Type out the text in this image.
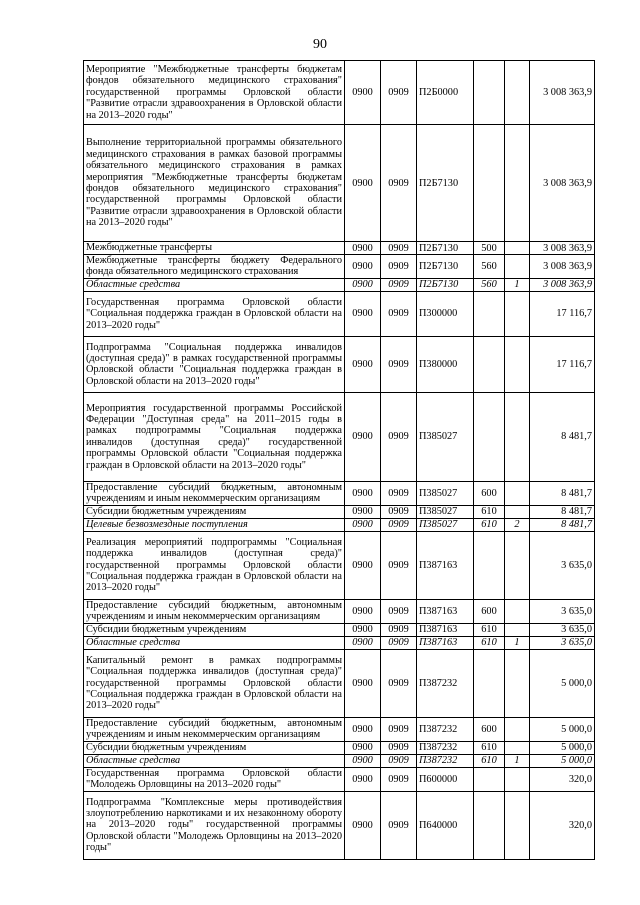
90
Мероприятие "Межбюджетные трансферты бюджетам фондов обязательного медицинского страхования" государственной программы Орловской области "Развитие отрасли здравоохранения в Орловской области на 2013–2020 годы"	0900	0909	П2Б0000			3 008 363,9
Выполнение территориальной программы обязательного медицинского страхования в рамках базовой программы обязательного медицинского страхования в рамках мероприятия "Межбюджетные трансферты бюджетам фондов обязательного медицинского страхования" государственной программы Орловской области "Развитие отрасли здравоохранения в Орловской области на 2013–2020 годы"	0900	0909	П2Б7130			3 008 363,9
Межбюджетные трансферты	0900	0909	П2Б7130	500		3 008 363,9
Межбюджетные трансферты бюджету Федерального фонда обязательного медицинского страхования	0900	0909	П2Б7130	560		3 008 363,9
Областные средства	0900	0909	П2Б7130	560	1	3 008 363,9
Государственная программа Орловской области "Социальная поддержка граждан в Орловской области на 2013–2020 годы"	0900	0909	П300000			17 116,7
Подпрограмма "Социальная поддержка инвалидов (доступная среда)" в рамках государственной программы Орловской области "Социальная поддержка граждан в Орловской области на 2013–2020 годы"	0900	0909	П380000			17 116,7
Мероприятия государственной программы Российской Федерации "Доступная среда" на 2011–2015 годы в рамках подпрограммы "Социальная поддержка инвалидов (доступная среда)" государственной программы Орловской области "Социальная поддержка граждан в Орловской области на 2013–2020 годы"	0900	0909	П385027			8 481,7
Предоставление субсидий бюджетным, автономным учреждениям и иным некоммерческим организациям	0900	0909	П385027	600		8 481,7
Субсидии бюджетным учреждениям	0900	0909	П385027	610		8 481,7
Целевые безвозмездные поступления	0900	0909	П385027	610	2	8 481,7
Реализация мероприятий подпрограммы "Социальная поддержка инвалидов (доступная среда)" государственной программы Орловской области "Социальная поддержка граждан в Орловской области на 2013–2020 годы"	0900	0909	П387163			3 635,0
Предоставление субсидий бюджетным, автономным учреждениям и иным некоммерческим организациям	0900	0909	П387163	600		3 635,0
Субсидии бюджетным учреждениям	0900	0909	П387163	610		3 635,0
Областные средства	0900	0909	П387163	610	1	3 635,0
Капитальный ремонт в рамках подпрограммы "Социальная поддержка инвалидов (доступная среда)" государственной программы Орловской области "Социальная поддержка граждан в Орловской области на 2013–2020 годы"	0900	0909	П387232			5 000,0
Предоставление субсидий бюджетным, автономным учреждениям и иным некоммерческим организациям	0900	0909	П387232	600		5 000,0
Субсидии бюджетным учреждениям	0900	0909	П387232	610		5 000,0
Областные средства	0900	0909	П387232	610	1	5 000,0
Государственная программа Орловской области "Молодежь Орловщины на 2013–2020 годы"	0900	0909	П600000			320,0
Подпрограмма "Комплексные меры противодействия злоупотреблению наркотиками и их незаконному обороту на 2013–2020 годы" государственной программы Орловской области "Молодежь Орловщины на 2013–2020 годы"	0900	0909	П640000			320,0
